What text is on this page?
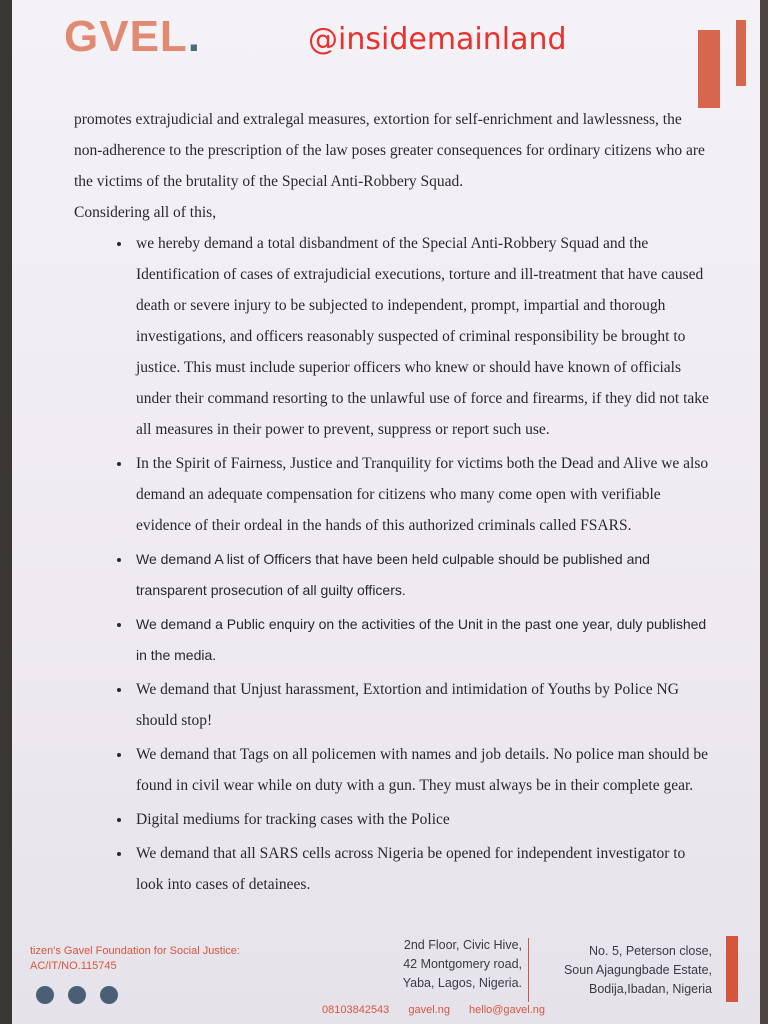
GVEL.	@insidemainland

promotes extrajudicial and extralegal measures, extortion for self-enrichment and lawlessness, the non-adherence to the prescription of the law poses greater consequences for ordinary citizens who are the victims of the brutality of the Special Anti-Robbery Squad.

Considering all of this,

• we hereby demand a total disbandment of the Special Anti-Robbery Squad and the Identification of cases of extrajudicial executions, torture and ill-treatment that have caused death or severe injury to be subjected to independent, prompt, impartial and thorough investigations, and officers reasonably suspected of criminal responsibility be brought to justice. This must include superior officers who knew or should have known of officials under their command resorting to the unlawful use of force and firearms, if they did not take all measures in their power to prevent, suppress or report such use.
• In the Spirit of Fairness, Justice and Tranquility for victims both the Dead and Alive we also demand an adequate compensation for citizens who many come open with verifiable evidence of their ordeal in the hands of this authorized criminals called FSARS.
• We demand A list of Officers that have been held culpable should be published and transparent prosecution of all guilty officers.
• We demand a Public enquiry on the activities of the Unit in the past one year, duly published in the media.
• We demand that Unjust harassment, Extortion and intimidation of Youths by Police NG should stop!
• We demand that Tags on all policemen with names and job details. No police man should be found in civil wear while on duty with a gun. They must always be in their complete gear.
• Digital mediums for tracking cases with the Police
• We demand that all SARS cells across Nigeria be opened for independent investigator to look into cases of detainees.
tizen's Gavel Foundation for Social Justice:
AC/IT/NO.115745
2nd Floor, Civic Hive,
42 Montgomery road,
Yaba, Lagos, Nigeria.
No. 5, Peterson close,
Soun Ajagungbade Estate,
Bodija,Ibadan, Nigeria
08103842543 gavel.ng hello@gavel.ng
